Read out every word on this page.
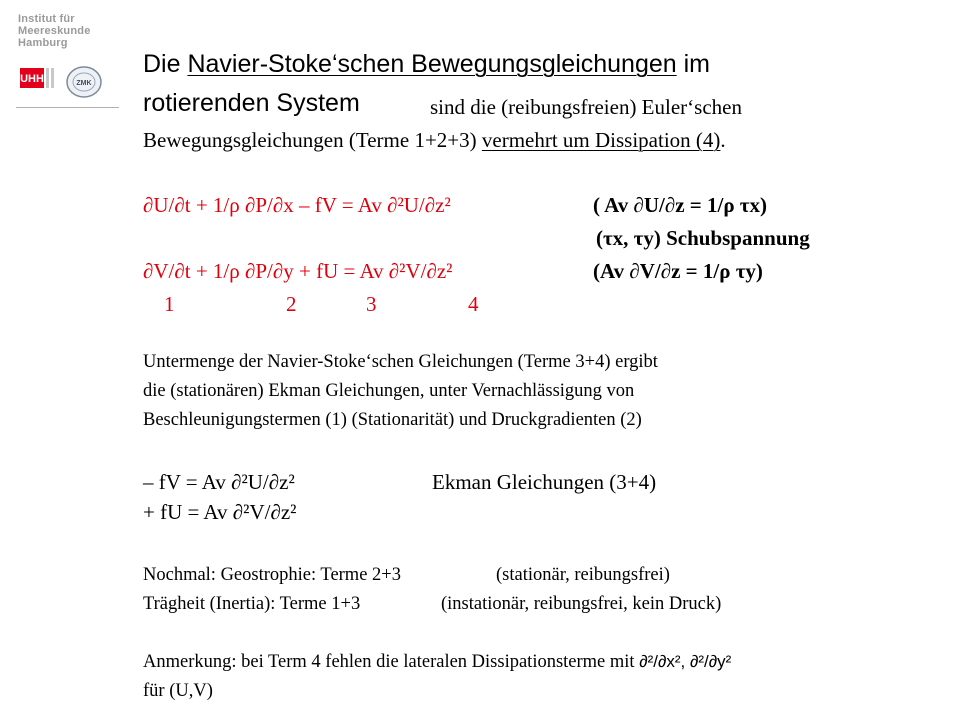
Institut für
Meereskunde
Hamburg
UHH	ZMK
Die Navier-Stoke‘schen Bewegungsgleichungen im
rotierenden System	sind die (reibungsfreien) Euler‘schen
Bewegungsgleichungen (Terme 1+2+3) vermehrt um Dissipation (4).
∂U/∂t + 1/ρ ∂P/∂x – fV = Av ∂²U/∂z²	( Av ∂U/∂z = 1/ρ τx)
(τx, τy) Schubspannung
∂V/∂t + 1/ρ ∂P/∂y + fU = Av ∂²V/∂z²	(Av ∂V/∂z = 1/ρ τy)
1	2	3	4
Untermenge der Navier-Stoke‘schen Gleichungen (Terme 3+4) ergibt
die (stationären) Ekman Gleichungen, unter Vernachlässigung von
Beschleunigungstermen (1) (Stationarität) und Druckgradienten (2)
– fV = Av ∂²U/∂z²	Ekman Gleichungen (3+4)
+ fU = Av ∂²V/∂z²
Nochmal: Geostrophie: Terme 2+3	(stationär, reibungsfrei)
Trägheit (Inertia): Terme 1+3	(instationär, reibungsfrei, kein Druck)
Anmerkung: bei Term 4 fehlen die lateralen Dissipationsterme mit ∂²/∂x², ∂²/∂y²
für (U,V)
